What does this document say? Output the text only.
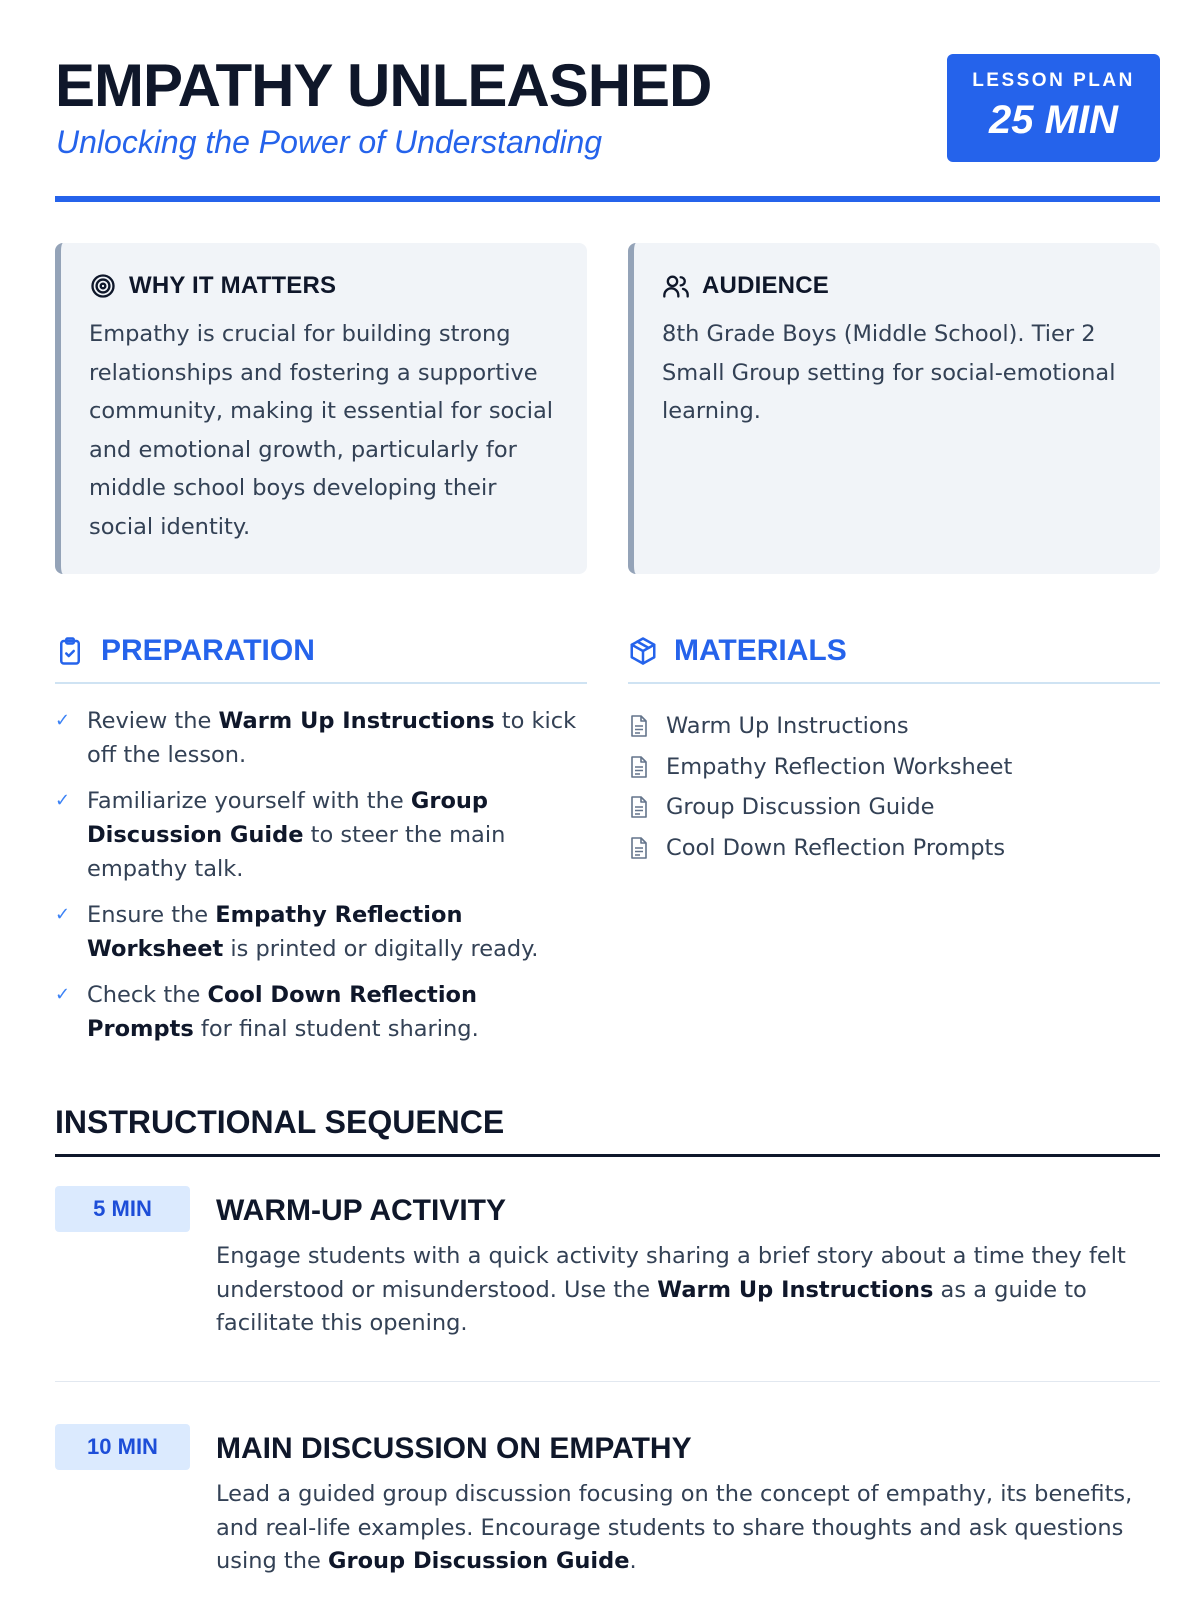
EMPATHY UNLEASHED
Unlocking the Power of Understanding
LESSON PLAN
25 MIN
WHY IT MATTERS

Empathy is crucial for building strong relationships and fostering a supportive community, making it essential for social and emotional growth, particularly for middle school boys developing their social identity.

AUDIENCE

8th Grade Boys (Middle School). Tier 2 Small Group setting for social-emotional learning.

PREPARATION
✓ Review the Warm Up Instructions to kick off the lesson.
✓ Familiarize yourself with the Group Discussion Guide to steer the main empathy talk.
✓ Ensure the Empathy Reflection Worksheet is printed or digitally ready.
✓ Check the Cool Down Reflection Prompts for final student sharing.
MATERIALS
Warm Up Instructions
Empathy Reflection Worksheet
Group Discussion Guide
Cool Down Reflection Prompts
INSTRUCTIONAL SEQUENCE
5 MIN	WARM-UP ACTIVITY

Engage students with a quick activity sharing a brief story about a time they felt understood or misunderstood. Use the Warm Up Instructions as a guide to facilitate this opening.

10 MIN	MAIN DISCUSSION ON EMPATHY

Lead a guided group discussion focusing on the concept of empathy, its benefits, and real-life examples. Encourage students to share thoughts and ask questions using the Group Discussion Guide.
